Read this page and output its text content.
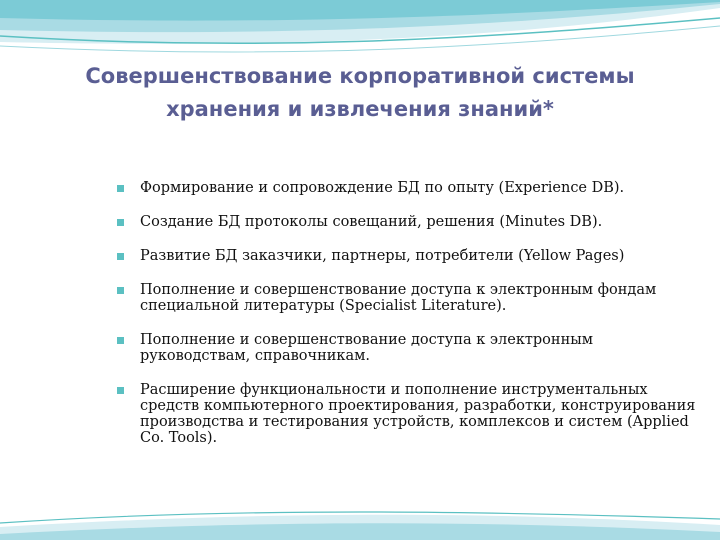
Совершенствование корпоративной системы
хранения и извлечения знаний*
Формирование и сопровождение БД по опыту (Experience DB).
Создание БД протоколы совещаний, решения (Minutes DB).
Развитие БД заказчики, партнеры, потребители (Yellow Pages)
Пополнение и совершенствование доступа к электронным фондам специальной литературы (Specialist Literature).
Пополнение и совершенствование доступа к электронным руководствам, справочникам.
Расширение функциональности и пополнение инструментальных средств компьютерного проектирования, разработки, конструирования производства и тестирования устройств, комплексов и систем (Applied Co. Tools).
